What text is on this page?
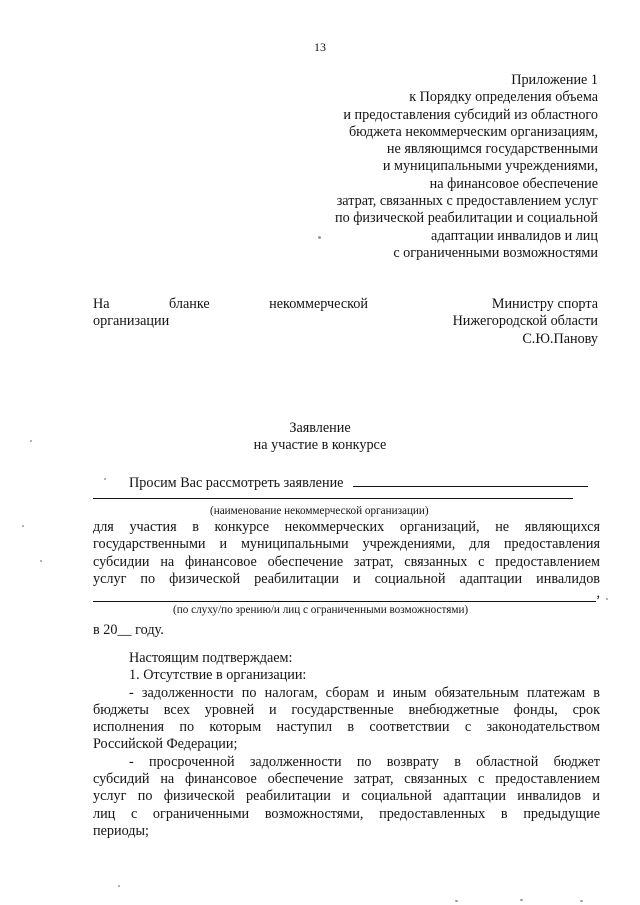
13
Приложение 1
к Порядку определения объема
и предоставления субсидий из областного
бюджета некоммерческим организациям,
не являющимся государственными
и муниципальными учреждениями,
на финансовое обеспечение
затрат, связанных с предоставлением услуг
по физической реабилитации и социальной
адаптации инвалидов и лиц
с ограниченными возможностями
На	бланке	некоммерческой
организации
Министру спорта
Нижегородской области
С.Ю.Панову
Заявление
на участие в конкурсе
Просим Вас рассмотреть заявление
(наименование некоммерческой организации)
для участия в конкурсе некоммерческих организаций, не являющихся
государственными и муниципальными учреждениями, для предоставления
субсидии на финансовое обеспечение затрат, связанных с предоставлением
услуг по физической реабилитации и социальной адаптации инвалидов
,
(по слуху/по зрению/и лиц с ограниченными возможностями)
в 20__ году.
Настоящим подтверждаем:
1. Отсутствие в организации:
- задолженности по налогам, сборам и иным обязательным платежам в
бюджеты всех уровней и государственные внебюджетные фонды, срок
исполнения по которым наступил в соответствии с законодательством
Российской Федерации;
- просроченной задолженности по возврату в областной бюджет
субсидий на финансовое обеспечение затрат, связанных с предоставлением
услуг по физической реабилитации и социальной адаптации инвалидов и
лиц с ограниченными возможностями, предоставленных в предыдущие
периоды;
